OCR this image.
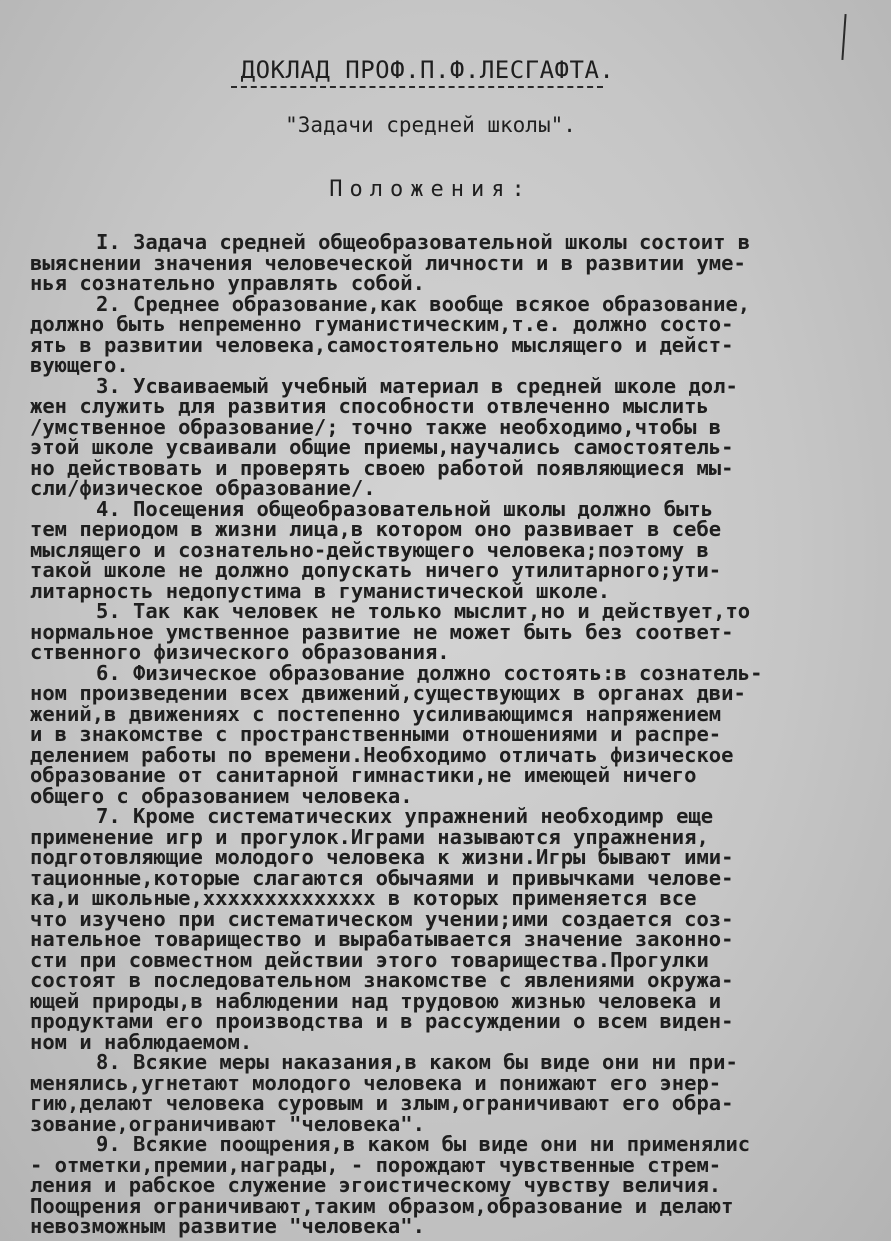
ДОКЛАД ПРОФ.П.Ф.ЛЕСГАФТА.
"Задачи средней школы".
Положения:
I. Задача средней общеобразовательной школы состоит в
выяснении значения человеческой личности и в развитии уме-
нья сознательно управлять собой.
2. Среднее образование,как вообще всякое образование,
должно быть непременно гуманистическим,т.е. должно состо-
ять в развитии человека,самостоятельно мыслящего и дейст-
вующего.
3. Усваиваемый учебный материал в средней школе дол-
жен служить для развития способности отвлеченно мыслить
/умственное образование/; точно также необходимо,чтобы в
этой школе усваивали общие приемы,научались самостоятель-
но действовать и проверять своею работой появляющиеся мы-
сли/физическое образование/.
4. Посещения общеобразовательной школы должно быть
тем периодом в жизни лица,в котором оно развивает в себе
мыслящего и сознательно-действующего человека;поэтому в
такой школе не должно допускать ничего утилитарного;ути-
литарность недопустима в гуманистической школе.
5. Так как человек не только мыслит,но и действует,то
нормальное умственное развитие не может быть без соответ-
ственного физического образования.
6. Физическое образование должно состоять:в сознатель-
ном произведении всех движений,существующих в органах дви-
жений,в движениях с постепенно усиливающимся напряжением
и в знакомстве с пространственными отношениями и распре-
делением работы по времени.Необходимо отличать физическое
образование от санитарной гимнастики,не имеющей ничего
общего с образованием человека.
7. Кроме систематических упражнений необходимр еще
применение игр и прогулок.Играми называются упражнения,
подготовляющие молодого человека к жизни.Игры бывают ими-
тационные,которые слагаются обычаями и привычками челове-
ка,и школьные,хххххххххххххх в которых применяется все
что изучено при систематическом учении;ими создается соз-
нательное товарищество и вырабатывается значение законно-
сти при совместном действии этого товарищества.Прогулки
состоят в последовательном знакомстве с явлениями окружа-
ющей природы,в наблюдении над трудовою жизнью человека и
продуктами его производства и в рассуждении о всем виден-
ном и наблюдаемом.
8. Всякие меры наказания,в каком бы виде они ни при-
менялись,угнетают молодого человека и понижают его энер-
гию,делают человека суровым и злым,ограничивают его обра-
зование,ограничивают "человека".
9. Всякие поощрения,в каком бы виде они ни применялис
- отметки,премии,награды, - порождают чувственные стрем-
ления и рабское служение эгоистическому чувству величия.
Поощрения ограничивают,таким образом,образование и делают
невозможным развитие "человека".
